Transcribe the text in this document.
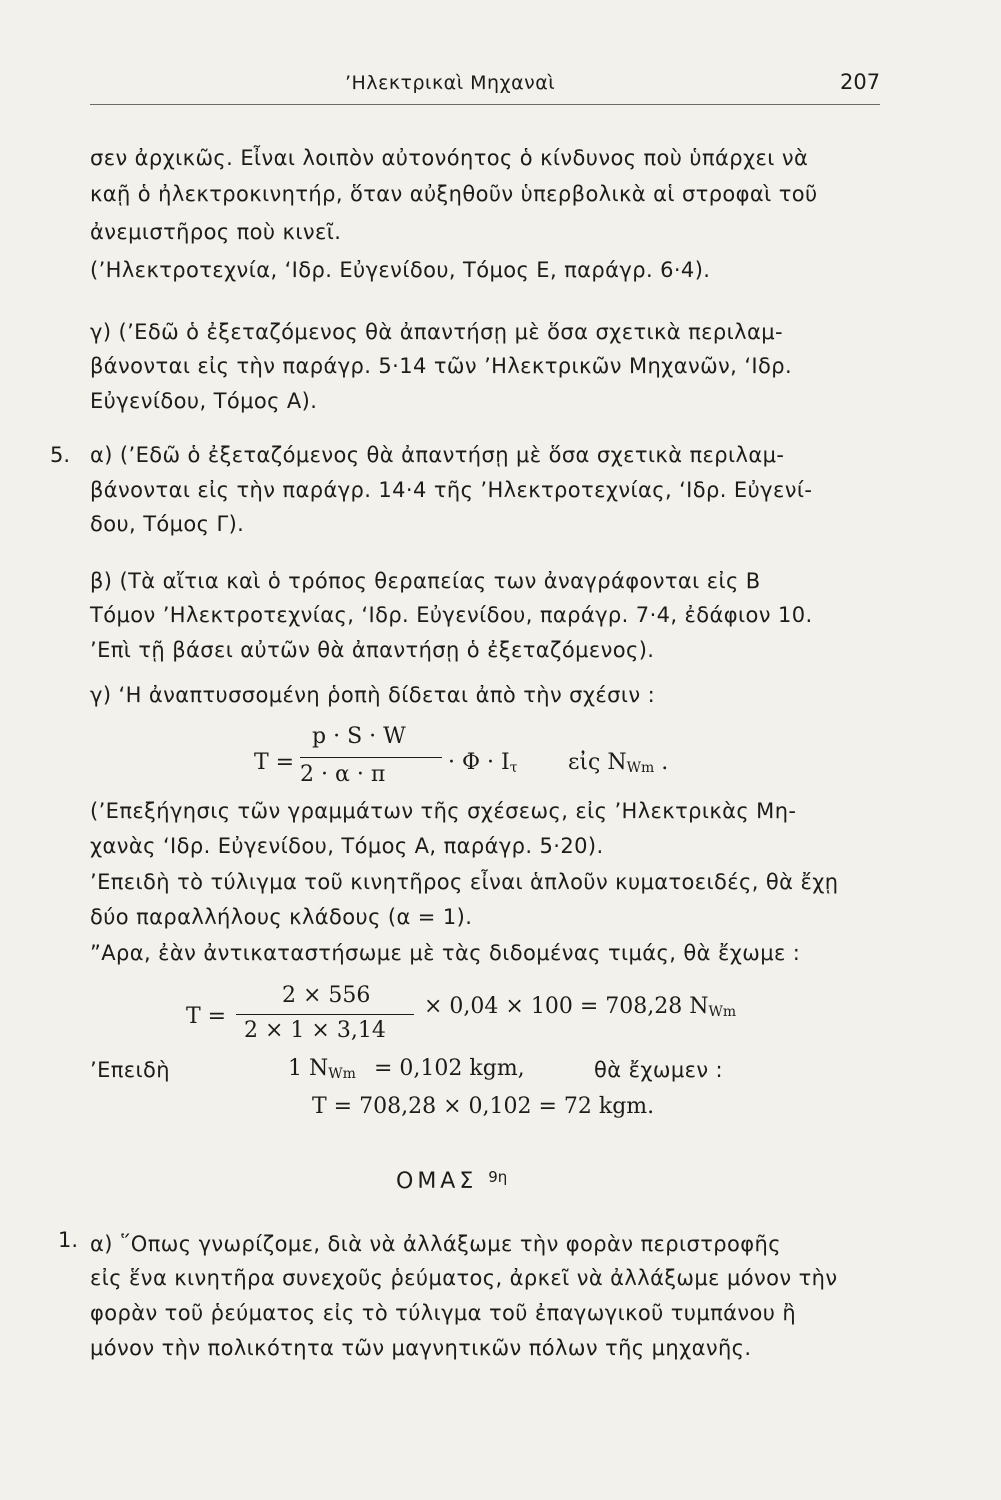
’Ηλεκτρικαὶ Μηχαναὶ	207
σεν ἀρχικῶς. Εἶναι λοιπὸν αὐτονόητος ὁ κίνδυνος ποὺ ὑπάρχει νὰ
καῇ ὁ ἠλεκτροκινητήρ, ὅταν αὐξηθοῦν ὑπερβολικὰ αἱ στροφαὶ τοῦ
ἀνεμιστῆρος ποὺ κινεῖ.
(’Ηλεκτροτεχνία, ‘Ιδρ. Εὐγενίδου, Τόμος Ε, παράγρ. 6·4).
γ) (’Εδῶ ὁ ἐξεταζόμενος θὰ ἀπαντήσῃ μὲ ὅσα σχετικὰ περιλαμ-
βάνονται εἰς τὴν παράγρ. 5·14 τῶν ’Ηλεκτρικῶν Μηχανῶν, ‘Ιδρ.
Εὐγενίδου, Τόμος Α).
5. α) (’Εδῶ ὁ ἐξεταζόμενος θὰ ἀπαντήσῃ μὲ ὅσα σχετικὰ περιλαμ-
βάνονται εἰς τὴν παράγρ. 14·4 τῆς ’Ηλεκτροτεχνίας, ‘Ιδρ. Εὐγενί-
δου, Τόμος Γ).
β) (Τὰ αἴτια καὶ ὁ τρόπος θεραπείας των ἀναγράφονται εἰς Β
Τόμον ’Ηλεκτροτεχνίας, ‘Ιδρ. Εὐγενίδου, παράγρ. 7·4, ἐδάφιον 10.
’Επὶ τῇ βάσει αὐτῶν θὰ ἀπαντήσῃ ὁ ἐξεταζόμενος).
γ) ‘Η ἀναπτυσσομένη ῥοπὴ δίδεται ἀπὸ τὴν σχέσιν :
T =
p · S · W
2 · α · π	· $\Phi \cdot I_\tau$ εἰς $N_{Wm}$ .
(’Επεξήγησις τῶν γραμμάτων τῆς σχέσεως, εἰς ’Ηλεκτρικὰς Μη-
χανὰς ‘Ιδρ. Εὐγενίδου, Τόμος Α, παράγρ. 5·20).
’Επειδὴ τὸ τύλιγμα τοῦ κινητῆρος εἶναι ἁπλοῦν κυματοειδές, θὰ ἔχῃ
δύο παραλλήλους κλάδους (α = 1).
”Αρα, ἐὰν ἀντικαταστήσωμε μὲ τὰς διδομένας τιμάς, θὰ ἔχωμε :
T =
2 × 556
2 × 1 × 3,14
× 0,04 × 100 = 708,28 $N_{Wm}$
’Επειδὴ	1 $N_{Wm} = 0,102$ kgm,	θὰ ἔχωμεν :
T = 708,28 × 0,102 = 72 kgm.
ΟΜΑΣ $^{9\eta}$
1. α) ῞Οπως γνωρίζομε, διὰ νὰ ἀλλάξωμε τὴν φορὰν περιστροφῆς
εἰς ἕνα κινητῆρα συνεχοῦς ῥεύματος, ἀρκεῖ νὰ ἀλλάξωμε μόνον τὴν
φορὰν τοῦ ῥεύματος εἰς τὸ τύλιγμα τοῦ ἐπαγωγικοῦ τυμπάνου ἢ
μόνον τὴν πολικότητα τῶν μαγνητικῶν πόλων τῆς μηχανῆς.
